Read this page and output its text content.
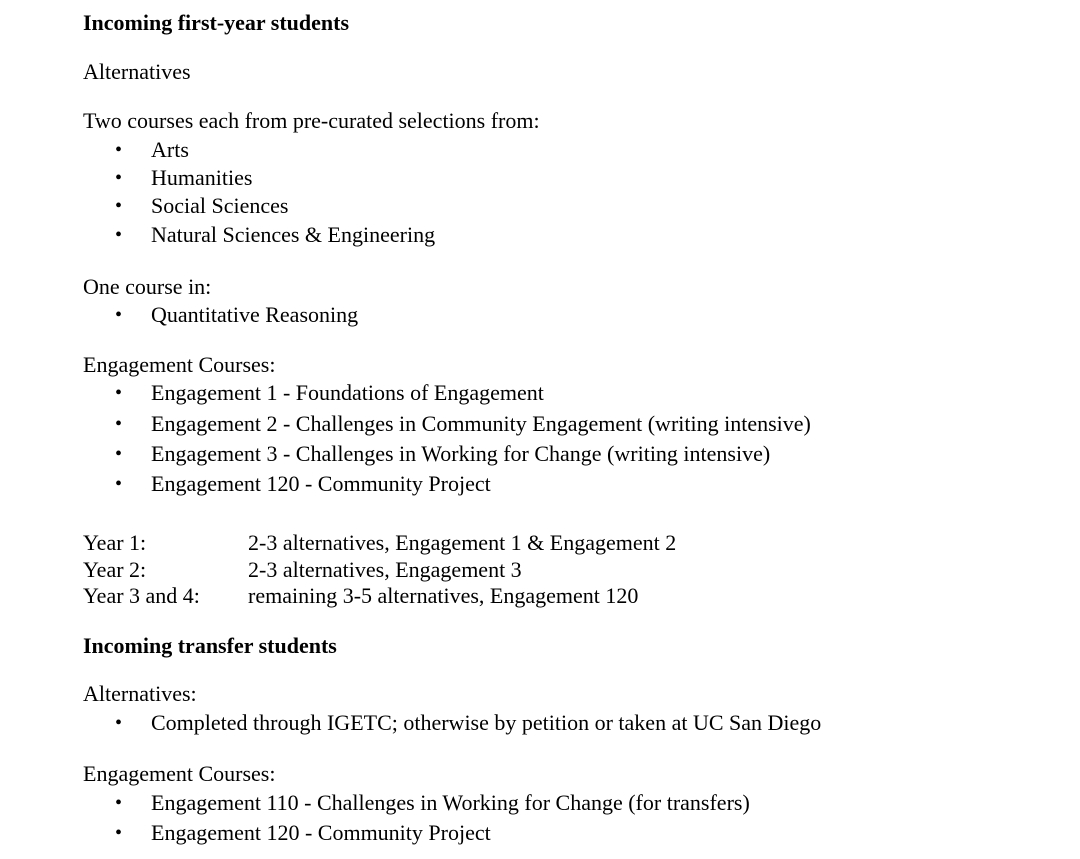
Incoming first-year students
Alternatives
Two courses each from pre-curated selections from:
• Arts
• Humanities
• Social Sciences
• Natural Sciences & Engineering
One course in:
• Quantitative Reasoning
Engagement Courses:
• Engagement 1 - Foundations of Engagement
• Engagement 2 - Challenges in Community Engagement (writing intensive)
• Engagement 3 - Challenges in Working for Change (writing intensive)
• Engagement 120 - Community Project
Year 1:	2-3 alternatives, Engagement 1 & Engagement 2
Year 2:	2-3 alternatives, Engagement 3
Year 3 and 4: remaining 3-5 alternatives, Engagement 120
Incoming transfer students
Alternatives:
• Completed through IGETC; otherwise by petition or taken at UC San Diego
Engagement Courses:
• Engagement 110 - Challenges in Working for Change (for transfers)
• Engagement 120 - Community Project
